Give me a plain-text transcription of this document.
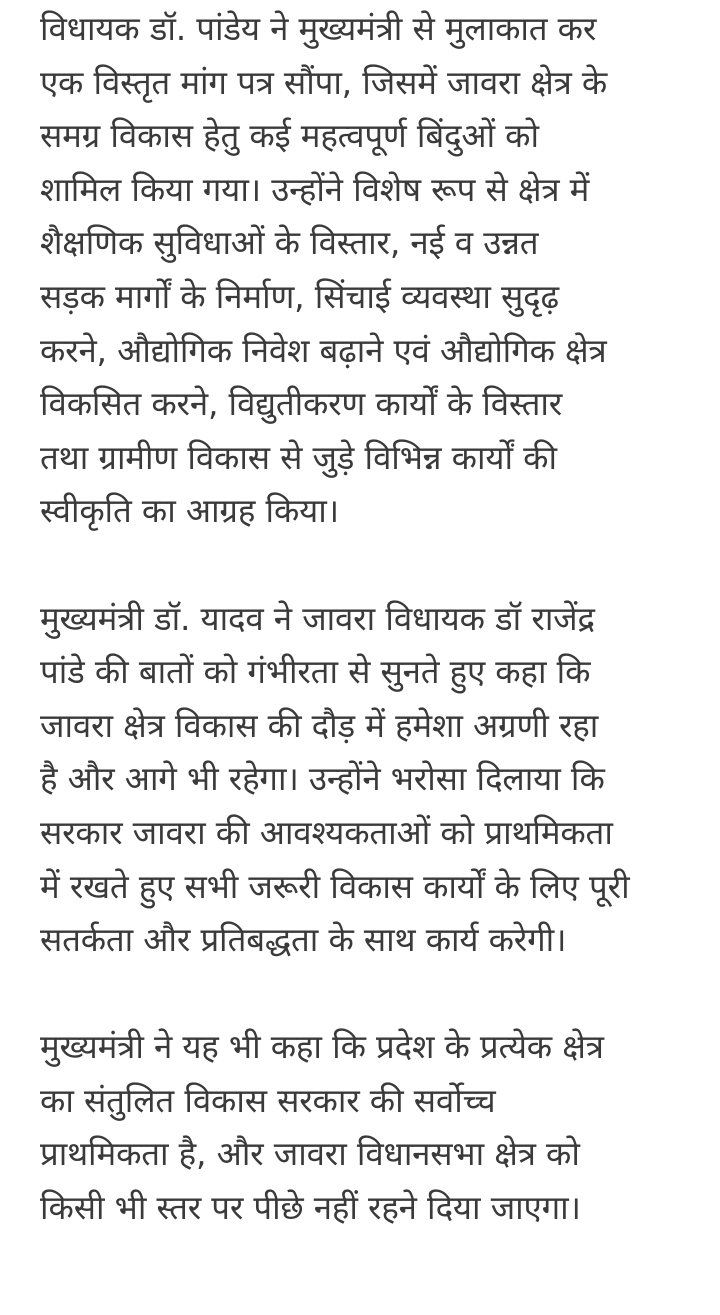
विधायक डॉ. पांडेय ने मुख्यमंत्री से मुलाकात कर
एक विस्तृत मांग पत्र सौंपा, जिसमें जावरा क्षेत्र के
समग्र विकास हेतु कई महत्वपूर्ण बिंदुओं को
शामिल किया गया। उन्होंने विशेष रूप से क्षेत्र में
शैक्षणिक सुविधाओं के विस्तार, नई व उन्नत
सड़क मार्गों के निर्माण, सिंचाई व्यवस्था सुदृढ़
करने, औद्योगिक निवेश बढ़ाने एवं औद्योगिक क्षेत्र
विकसित करने, विद्युतीकरण कार्यों के विस्तार
तथा ग्रामीण विकास से जुड़े विभिन्न कार्यों की
स्वीकृति का आग्रह किया।

मुख्यमंत्री डॉ. यादव ने जावरा विधायक डॉ राजेंद्र
पांडे की बातों को गंभीरता से सुनते हुए कहा कि
जावरा क्षेत्र विकास की दौड़ में हमेशा अग्रणी रहा
है और आगे भी रहेगा। उन्होंने भरोसा दिलाया कि
सरकार जावरा की आवश्यकताओं को प्राथमिकता
में रखते हुए सभी जरूरी विकास कार्यों के लिए पूरी
सतर्कता और प्रतिबद्धता के साथ कार्य करेगी।

मुख्यमंत्री ने यह भी कहा कि प्रदेश के प्रत्येक क्षेत्र
का संतुलित विकास सरकार की सर्वोच्च
प्राथमिकता है, और जावरा विधानसभा क्षेत्र को
किसी भी स्तर पर पीछे नहीं रहने दिया जाएगा।
